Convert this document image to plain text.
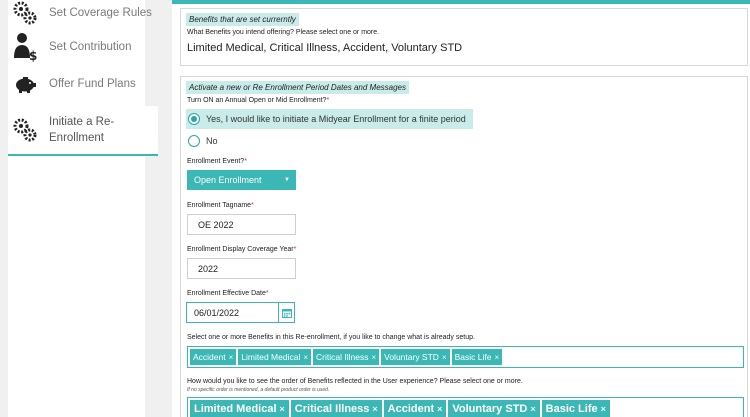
Set Coverage Rules
$
Set Contribution
Offer Fund Plans
Initiate a Re-
Enrollment
Benefits that are set currerntly
What Benefits you intend offering? Please select one or more.
Limited Medical, Critical Illness, Accident, Voluntary STD
Activate a new or Re Enrollment Period Dates and Messages
Turn ON an Annual Open or Mid Enrollment?*
Yes, I would like to initiate a Midyear Enrollment for a finite period
No
Enrollment Event?*
Open Enrollment	▼
Enrollment Tagname*
OE 2022
Enrollment Display Coverage Year*
2022
Enrollment Effective Date*
06/01/2022
Select one or more Benefits in this Re-enrollment, if you like to change what is already setup.
Accident × Limited Medical × Critical Illness × Voluntary STD × Basic Life ×
How would you like to see the order of Benefits reflected in the User experience? Please select one or more.
If no specific order is mentioned, a default product order is used.
Limited Medical × Critical Illness × Accident × Voluntary STD × Basic Life ×
